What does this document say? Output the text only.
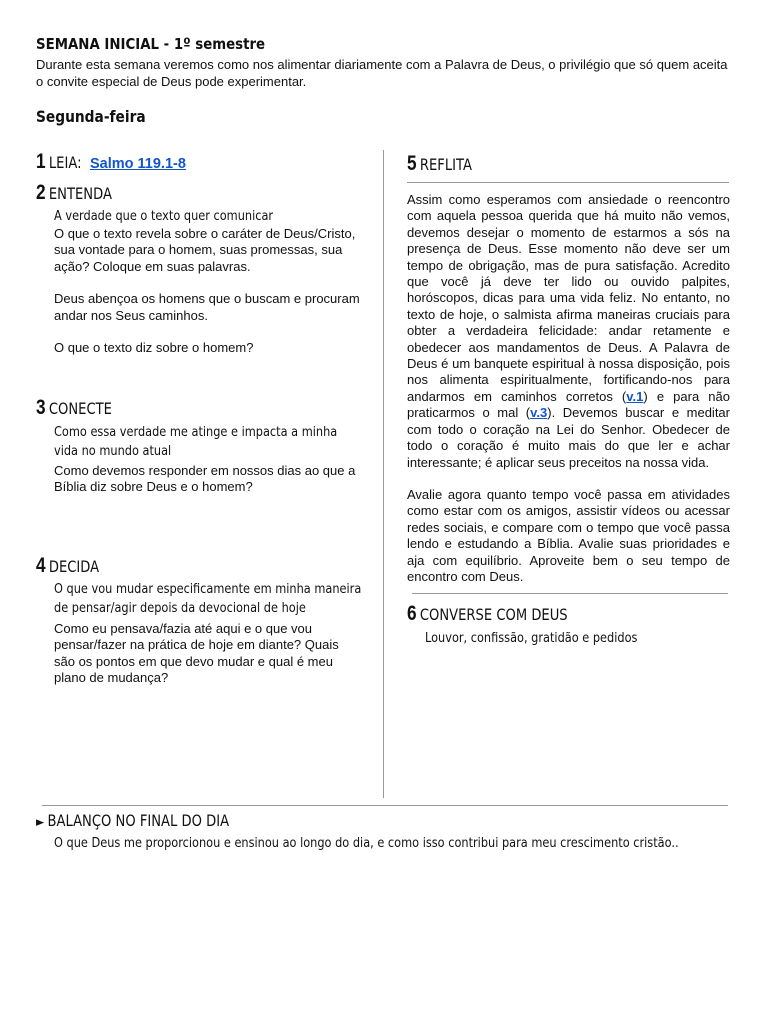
SEMANA INICIAL - 1º semestre
Durante esta semana veremos como nos alimentar diariamente com a Palavra de Deus, o privilégio que só quem aceita o convite especial de Deus pode experimentar.
Segunda-feira
1 LEIA: Salmo 119.1-8
2 ENTENDA
A verdade que o texto quer comunicar

O que o texto revela sobre o caráter de Deus/Cristo, sua vontade para o homem, suas promessas, sua ação? Coloque em suas palavras.

Deus abençoa os homens que o buscam e procuram andar nos Seus caminhos.

O que o texto diz sobre o homem?

3 CONECTE
Como essa verdade me atinge e impacta a minha vida no mundo atual

Como devemos responder em nossos dias ao que a Bíblia diz sobre Deus e o homem?

4 DECIDA
O que vou mudar especificamente em minha maneira de pensar/agir depois da devocional de hoje

Como eu pensava/fazia até aqui e o que vou pensar/fazer na prática de hoje em diante? Quais são os pontos em que devo mudar e qual é meu plano de mudança?

5 REFLITA

Assim como esperamos com ansiedade o reencontro com aquela pessoa querida que há muito não vemos, devemos desejar o momento de estarmos a sós na presença de Deus. Esse momento não deve ser um tempo de obrigação, mas de pura satisfação. Acredito que você já deve ter lido ou ouvido palpites, horóscopos, dicas para uma vida feliz. No entanto, no texto de hoje, o salmista afirma maneiras cruciais para obter a verdadeira felicidade: andar retamente e obedecer aos mandamentos de Deus. A Palavra de Deus é um banquete espiritual à nossa disposição, pois nos alimenta espiritualmente, fortificando-nos para andarmos em caminhos corretos (v.1) e para não praticarmos o mal (v.3). Devemos buscar e meditar com todo o coração na Lei do Senhor. Obedecer de todo o coração é muito mais do que ler e achar interessante; é aplicar seus preceitos na nossa vida.

Avalie agora quanto tempo você passa em atividades como estar com os amigos, assistir vídeos ou acessar redes sociais, e compare com o tempo que você passa lendo e estudando a Bíblia. Avalie suas prioridades e aja com equilíbrio. Aproveite bem o seu tempo de encontro com Deus.

6 CONVERSE COM DEUS
Louvor, confissão, gratidão e pedidos
► BALANÇO NO FINAL DO DIA
O que Deus me proporcionou e ensinou ao longo do dia, e como isso contribui para meu crescimento cristão..
